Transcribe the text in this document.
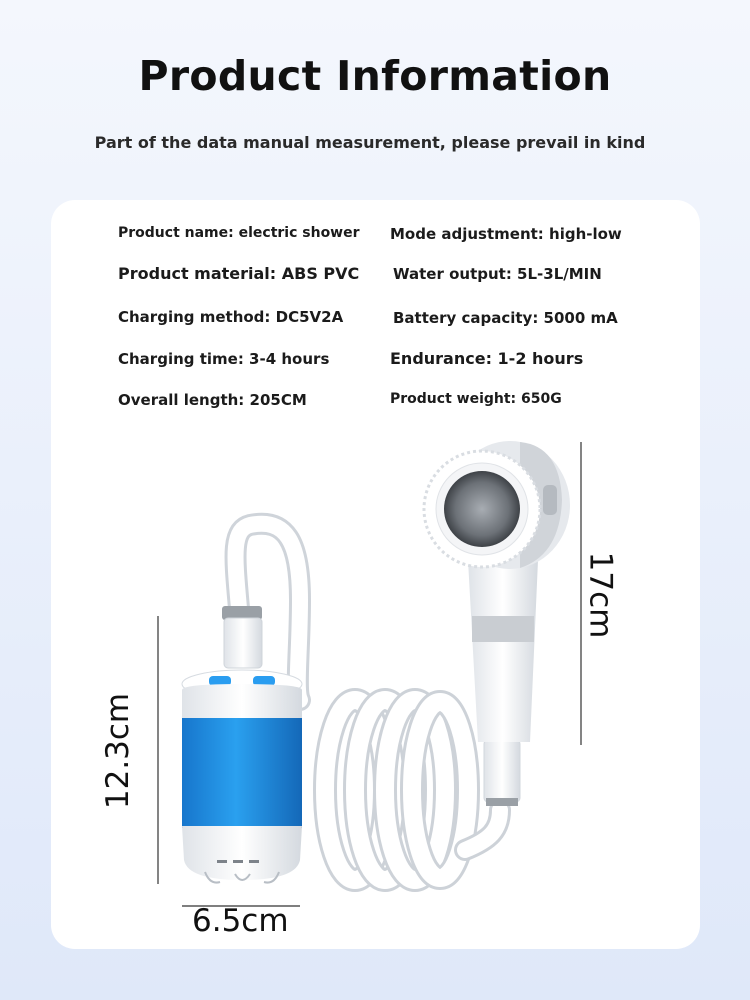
Product Information
Part of the data manual measurement, please prevail in kind
Product name: electric shower
Product material: ABS PVC
Charging method: DC5V2A
Charging time: 3-4 hours
Overall length: 205CM
Mode adjustment: high-low
Water output: 5L-3L/MIN
Battery capacity: 5000 mA
Endurance: 1-2 hours
Product weight: 650G
12.3cm
6.5cm
17cm
